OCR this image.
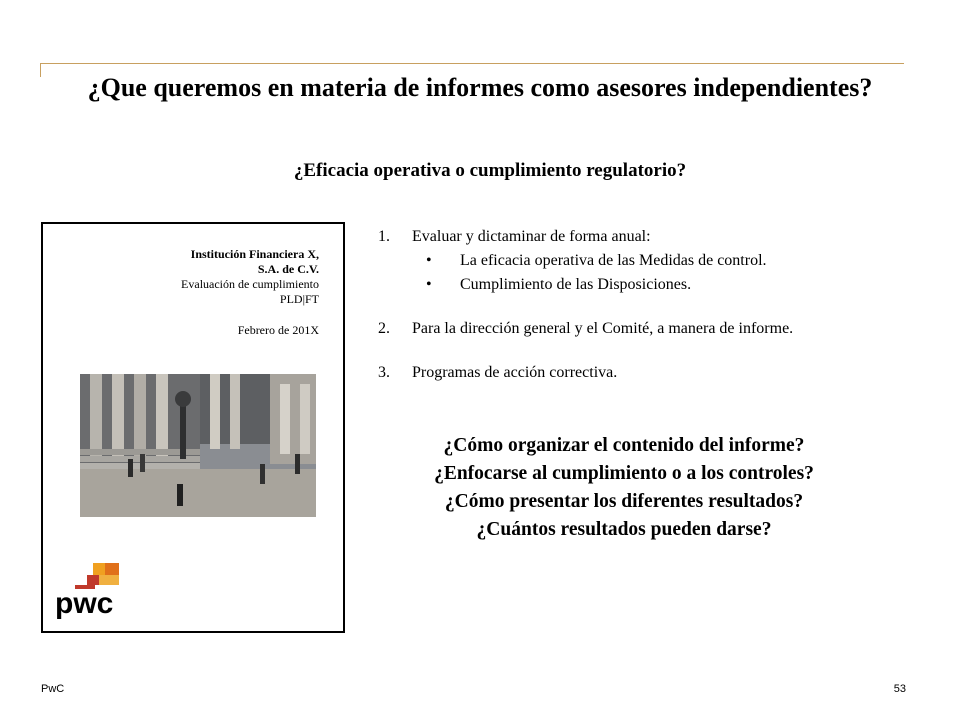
¿Que queremos en materia de informes como asesores independientes?
¿Eficacia operativa o cumplimiento regulatorio?
Institución Financiera X,
S.A. de C.V.
Evaluación de cumplimiento
PLD|FT
Febrero de 201X
pwc
1. Evaluar y dictaminar de forma anual:
• La eficacia operativa de las Medidas de control.
• Cumplimiento de las Disposiciones.
2. Para la dirección general y el Comité, a manera de informe.
3. Programas de acción correctiva.
¿Cómo organizar el contenido del informe?
¿Enfocarse al cumplimiento o a los controles?
¿Cómo presentar los diferentes resultados?
¿Cuántos resultados pueden darse?
PwC	53
